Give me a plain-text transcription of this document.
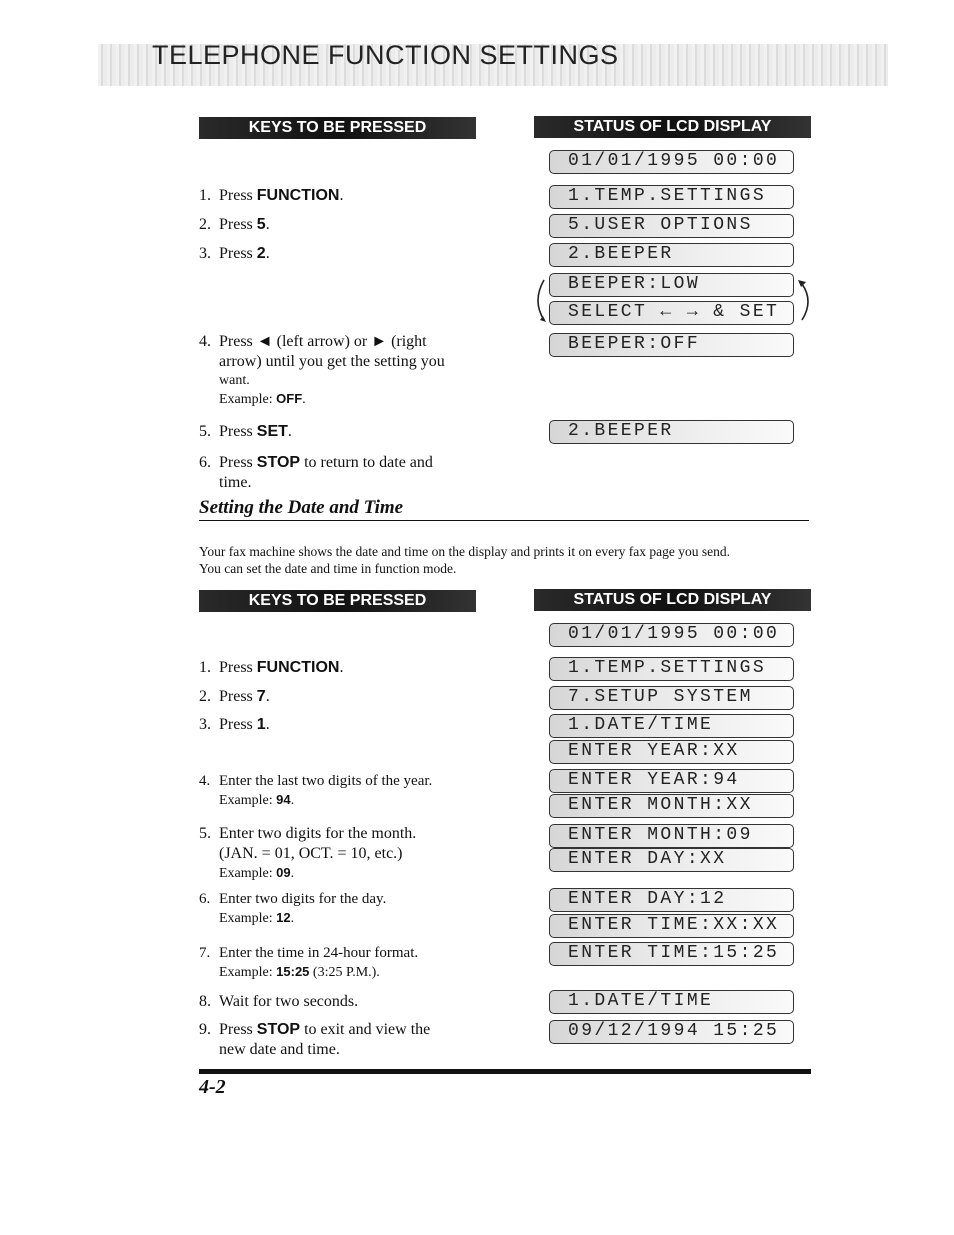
TELEPHONE FUNCTION SETTINGS
KEYS TO BE PRESSED	STATUS OF LCD DISPLAY
1. Press FUNCTION.
2. Press 5.
3. Press 2.
4. Press ◄ (left arrow) or ► (right
arrow) until you get the setting you
want.
Example: OFF.
5. Press SET.
6. Press STOP to return to date and
time.
01/01/1995 00:00
1.TEMP.SETTINGS
5.USER OPTIONS
2.BEEPER
BEEPER:LOW
SELECT ← → & SET
BEEPER:OFF
2.BEEPER
Setting the Date and Time
Your fax machine shows the date and time on the display and prints it on every fax page you send.
You can set the date and time in function mode.
KEYS TO BE PRESSED	STATUS OF LCD DISPLAY
1. Press FUNCTION.
2. Press 7.
3. Press 1.
4. Enter the last two digits of the year.
Example: 94.
5. Enter two digits for the month.
(JAN. = 01, OCT. = 10, etc.)
Example: 09.
6. Enter two digits for the day.
Example: 12.
7. Enter the time in 24-hour format.
Example: 15:25 (3:25 P.M.).
8. Wait for two seconds.
9. Press STOP to exit and view the
new date and time.
01/01/1995 00:00
1.TEMP.SETTINGS
7.SETUP SYSTEM
1.DATE/TIME
ENTER YEAR:XX
ENTER YEAR:94
ENTER MONTH:XX
ENTER MONTH:09
ENTER DAY:XX
ENTER DAY:12
ENTER TIME:XX:XX
ENTER TIME:15:25
1.DATE/TIME
09/12/1994 15:25
4-2
